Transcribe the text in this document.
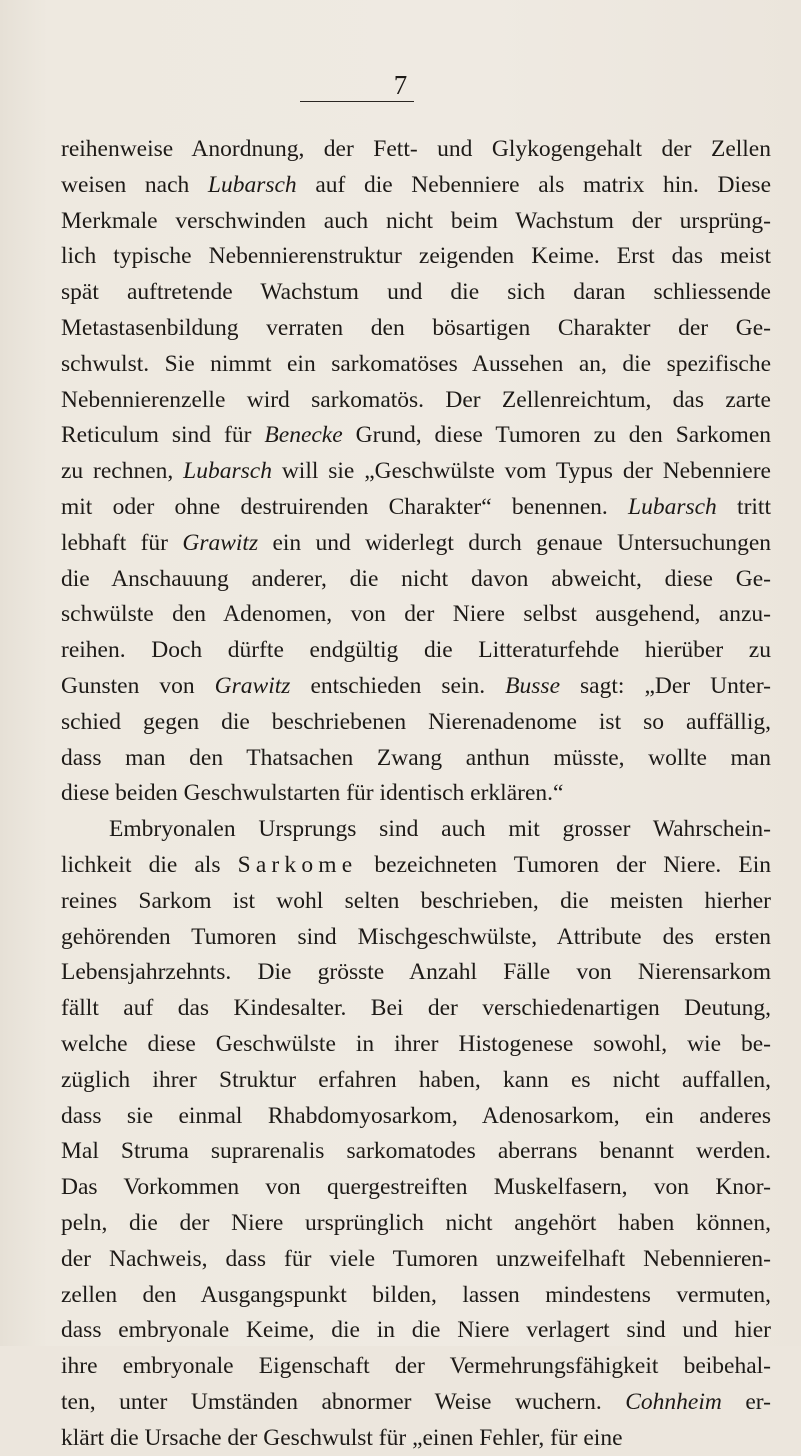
7
reihenweise Anordnung, der Fett- und Glykogengehalt der Zellen
weisen nach Lubarsch auf die Nebenniere als matrix hin. Diese
Merkmale verschwinden auch nicht beim Wachstum der ursprüng-
lich typische Nebennierenstruktur zeigenden Keime. Erst das meist
spät auftretende Wachstum und die sich daran schliessende
Metastasenbildung verraten den bösartigen Charakter der Ge-
schwulst. Sie nimmt ein sarkomatöses Aussehen an, die spezifische
Nebennierenzelle wird sarkomatös. Der Zellenreichtum, das zarte
Reticulum sind für Benecke Grund, diese Tumoren zu den Sarkomen
zu rechnen, Lubarsch will sie „Geschwülste vom Typus der Nebenniere
mit oder ohne destruirenden Charakter“ benennen. Lubarsch tritt
lebhaft für Grawitz ein und widerlegt durch genaue Untersuchungen
die Anschauung anderer, die nicht davon abweicht, diese Ge-
schwülste den Adenomen, von der Niere selbst ausgehend, anzu-
reihen. Doch dürfte endgültig die Litteraturfehde hierüber zu
Gunsten von Grawitz entschieden sein. Busse sagt: „Der Unter-
schied gegen die beschriebenen Nierenadenome ist so auffällig,
dass man den Thatsachen Zwang anthun müsste, wollte man
diese beiden Geschwulstarten für identisch erklären.“
Embryonalen Ursprungs sind auch mit grosser Wahrschein-
lichkeit die als Sarkome bezeichneten Tumoren der Niere. Ein
reines Sarkom ist wohl selten beschrieben, die meisten hierher
gehörenden Tumoren sind Mischgeschwülste, Attribute des ersten
Lebensjahrzehnts. Die grösste Anzahl Fälle von Nierensarkom
fällt auf das Kindesalter. Bei der verschiedenartigen Deutung,
welche diese Geschwülste in ihrer Histogenese sowohl, wie be-
züglich ihrer Struktur erfahren haben, kann es nicht auffallen,
dass sie einmal Rhabdomyosarkom, Adenosarkom, ein anderes
Mal Struma suprarenalis sarkomatodes aberrans benannt werden.
Das Vorkommen von quergestreiften Muskelfasern, von Knor-
peln, die der Niere ursprünglich nicht angehört haben können,
der Nachweis, dass für viele Tumoren unzweifelhaft Nebennieren-
zellen den Ausgangspunkt bilden, lassen mindestens vermuten,
dass embryonale Keime, die in die Niere verlagert sind und hier
ihre embryonale Eigenschaft der Vermehrungsfähigkeit beibehal-
ten, unter Umständen abnormer Weise wuchern. Cohnheim er-
klärt die Ursache der Geschwulst für „einen Fehler, für eine
